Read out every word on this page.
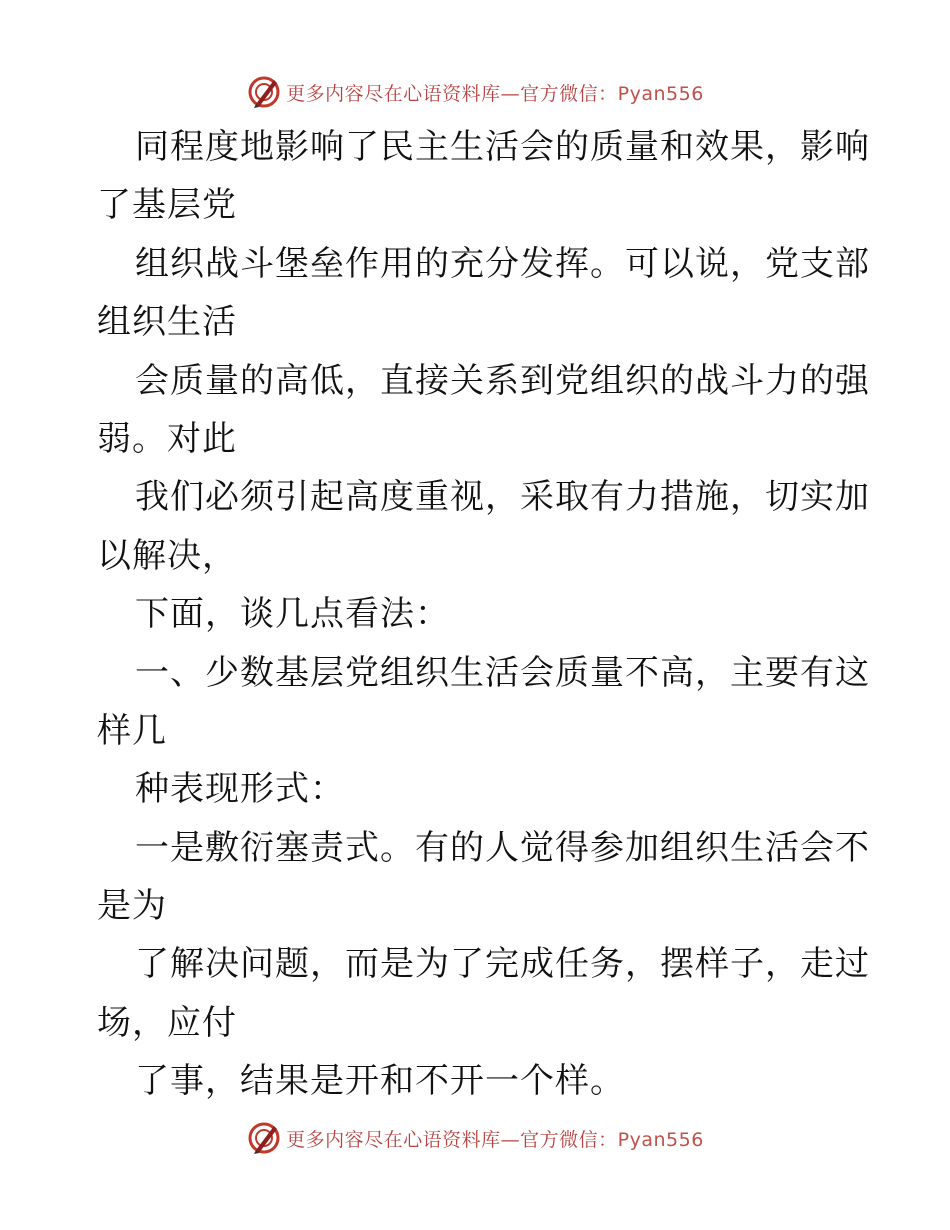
更多内容尽在心语资料库—官方微信：Pyan556
同程度地影响了民主生活会的质量和效果，影响
了基层党
组织战斗堡垒作用的充分发挥。可以说，党支部
组织生活
会质量的高低，直接关系到党组织的战斗力的强
弱。对此
我们必须引起高度重视，采取有力措施，切实加
以解决，
下面，谈几点看法：
一、少数基层党组织生活会质量不高，主要有这
样几
种表现形式：
一是敷衍塞责式。有的人觉得参加组织生活会不
是为
了解决问题，而是为了完成任务，摆样子，走过
场，应付
了事，结果是开和不开一个样。
更多内容尽在心语资料库—官方微信：Pyan556
